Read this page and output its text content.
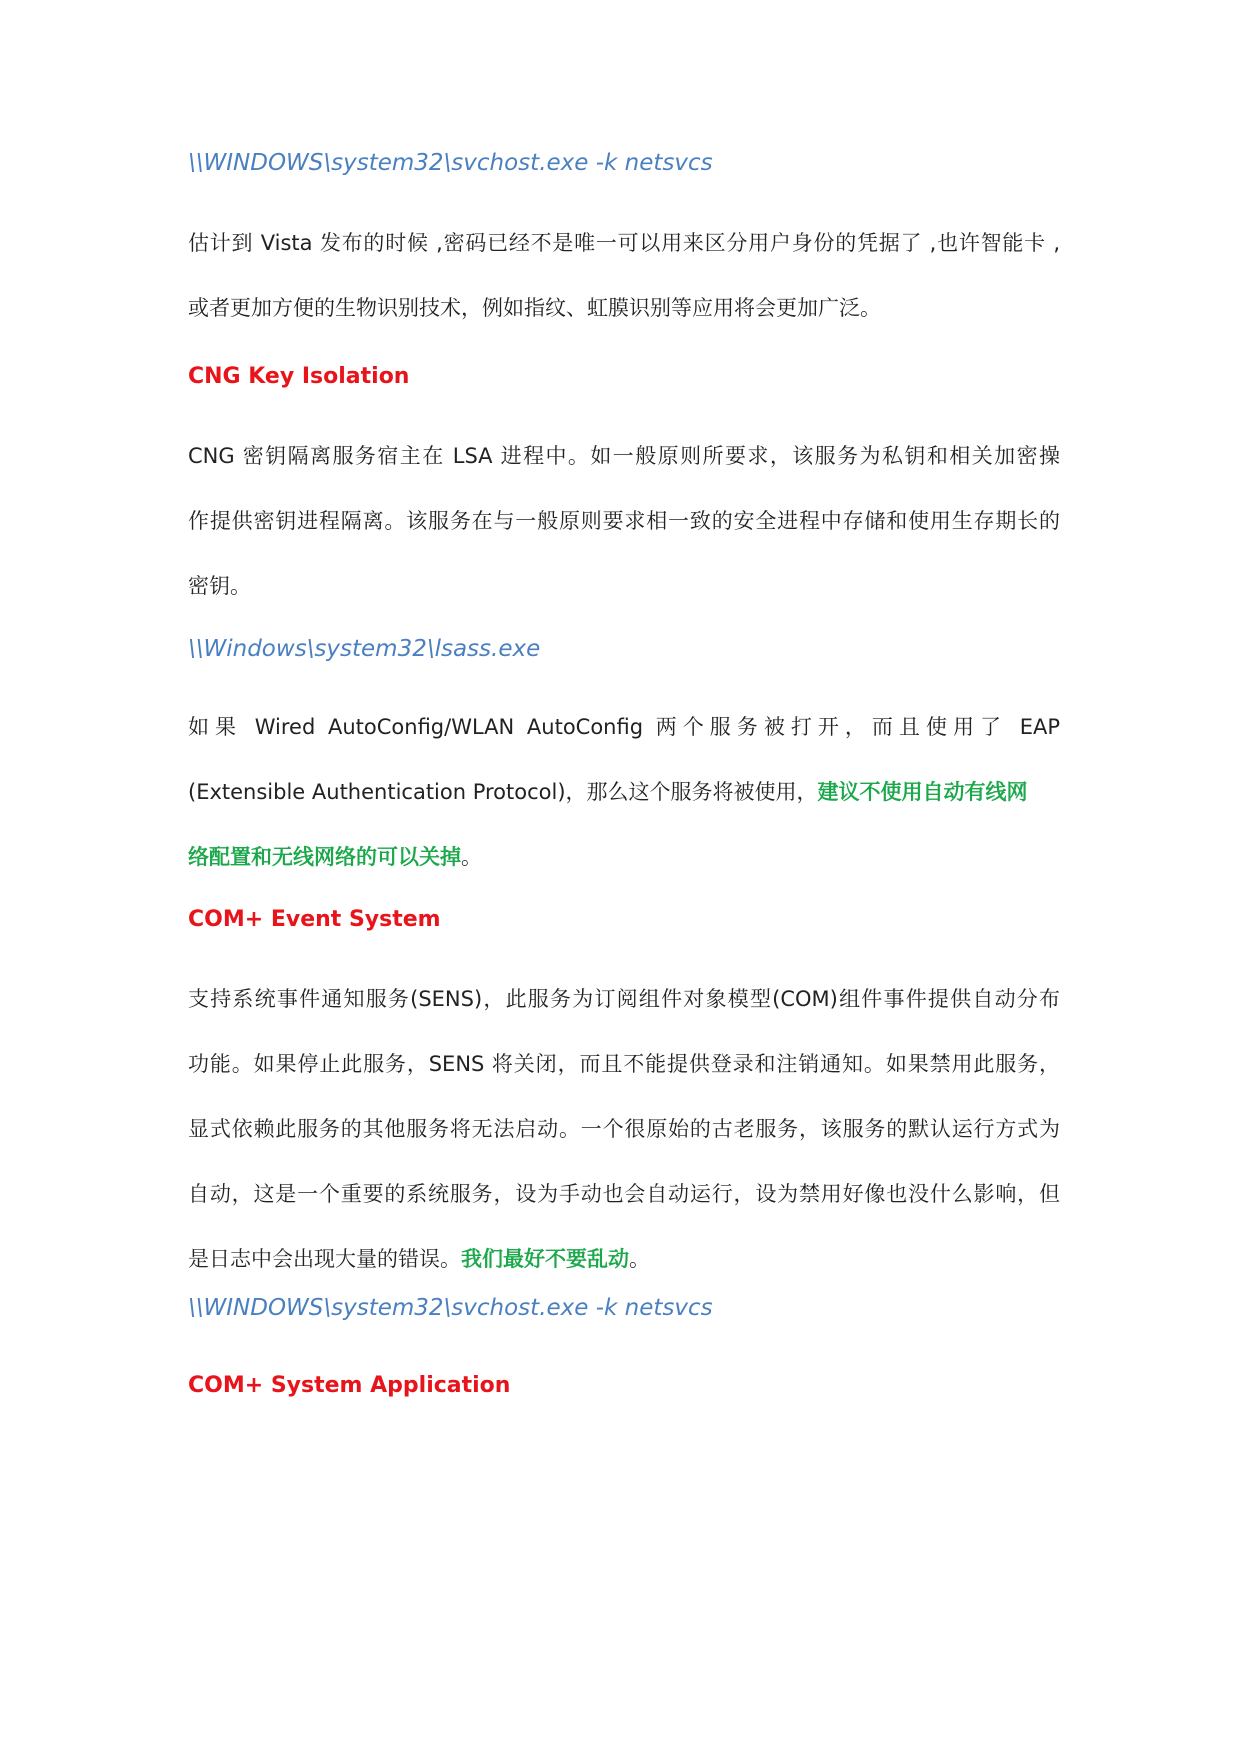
\\WINDOWS\system32\svchost.exe -k netsvcs
估计到 Vista 发布的时候 ,密码已经不是唯一可以用来区分用户身份的凭据了 ,也许智能卡 ,
或者更加方便的生物识别技术，例如指纹、虹膜识别等应用将会更加广泛。
CNG Key Isolation
CNG 密钥隔离服务宿主在 LSA 进程中。如一般原则所要求，该服务为私钥和相关加密操
作提供密钥进程隔离。该服务在与一般原则要求相一致的安全进程中存储和使用生存期长的
密钥。
\\Windows\system32\lsass.exe
如果 Wired AutoConfig/WLAN AutoConfig 两个服务被打开，而且使用了 EAP
(Extensible Authentication Protocol)，那么这个服务将被使用，建议不使用自动有线网
络配置和无线网络的可以关掉。
COM+ Event System
支持系统事件通知服务(SENS)，此服务为订阅组件对象模型(COM)组件事件提供自动分布
功能。如果停止此服务，SENS 将关闭，而且不能提供登录和注销通知。如果禁用此服务，
显式依赖此服务的其他服务将无法启动。一个很原始的古老服务，该服务的默认运行方式为
自动，这是一个重要的系统服务，设为手动也会自动运行，设为禁用好像也没什么影响，但
是日志中会出现大量的错误。我们最好不要乱动。
\\WINDOWS\system32\svchost.exe -k netsvcs
COM+ System Application
